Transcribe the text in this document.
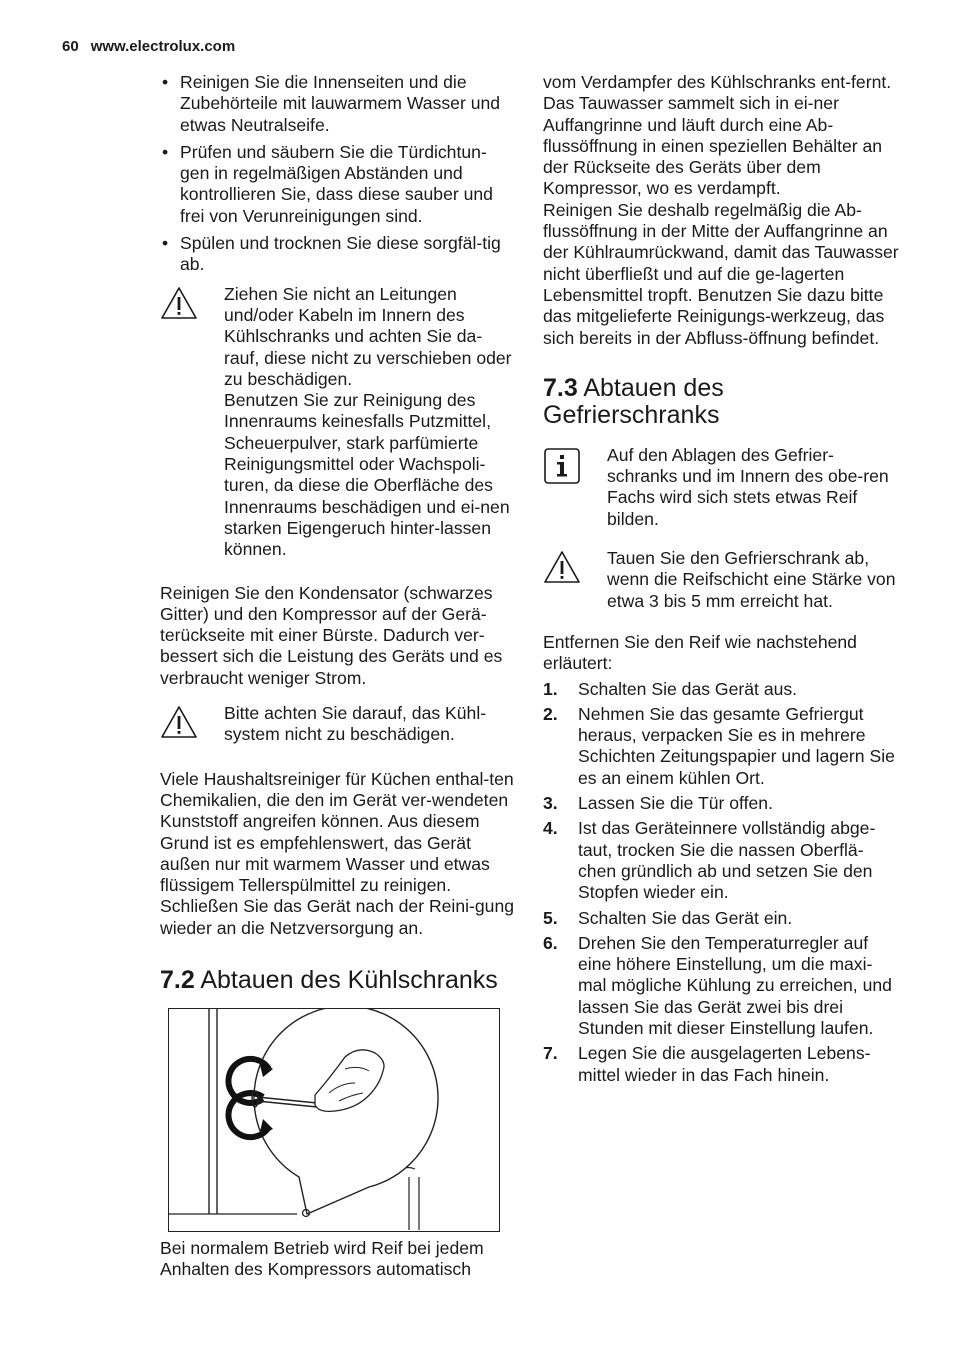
60 www.electrolux.com
• Reinigen Sie die Innenseiten und die Zubehörteile mit lauwarmem Wasser und etwas Neutralseife.
• Prüfen und säubern Sie die Türdichtun-gen in regelmäßigen Abständen und kontrollieren Sie, dass diese sauber und frei von Verunreinigungen sind.
• Spülen und trocknen Sie diese sorgfäl-tig ab.

Ziehen Sie nicht an Leitungen und/oder Kabeln im Innern des Kühlschranks und achten Sie da-rauf, diese nicht zu verschieben oder zu beschädigen.

Benutzen Sie zur Reinigung des Innenraums keinesfalls Putzmittel, Scheuerpulver, stark parfümierte Reinigungsmittel oder Wachspoli-turen, da diese die Oberfläche des Innenraums beschädigen und ei-nen starken Eigengeruch hinter-lassen können.

Reinigen Sie den Kondensator (schwarzes Gitter) und den Kompressor auf der Gerä-terückseite mit einer Bürste. Dadurch ver-bessert sich die Leistung des Geräts und es verbraucht weniger Strom.

Bitte achten Sie darauf, das Kühl-system nicht zu beschädigen.

Viele Haushaltsreiniger für Küchen enthal-ten Chemikalien, die den im Gerät ver-wendeten Kunststoff angreifen können. Aus diesem Grund ist es empfehlenswert, das Gerät außen nur mit warmem Wasser und etwas flüssigem Tellerspülmittel zu reinigen.

Schließen Sie das Gerät nach der Reini-gung wieder an die Netzversorgung an.

7.2 Abtauen des Kühlschranks

Bei normalem Betrieb wird Reif bei jedem Anhalten des Kompressors automatisch

vom Verdampfer des Kühlschranks ent-fernt. Das Tauwasser sammelt sich in ei-ner Auffangrinne und läuft durch eine Ab-flussöffnung in einen speziellen Behälter an der Rückseite des Geräts über dem Kompressor, wo es verdampft.

Reinigen Sie deshalb regelmäßig die Ab-flussöffnung in der Mitte der Auffangrinne an der Kühlraumrückwand, damit das Tauwasser nicht überfließt und auf die ge-lagerten Lebensmittel tropft. Benutzen Sie dazu bitte das mitgelieferte Reinigungs-werkzeug, das sich bereits in der Abfluss-öffnung befindet.

7.3 Abtauen des
Gefrierschranks

Auf den Ablagen des Gefrier-schranks und im Innern des obe-ren Fachs wird sich stets etwas Reif bilden.

Tauen Sie den Gefrierschrank ab, wenn die Reifschicht eine Stärke von etwa 3 bis 5 mm erreicht hat.

Entfernen Sie den Reif wie nachstehend erläutert:

1.	Schalten Sie das Gerät aus.
2.	Nehmen Sie das gesamte Gefriergut heraus, verpacken Sie es in mehrere Schichten Zeitungspapier und lagern Sie es an einem kühlen Ort.
3.	Lassen Sie die Tür offen.
4.	Ist das Geräteinnere vollständig abge-taut, trocken Sie die nassen Oberflä-chen gründlich ab und setzen Sie den Stopfen wieder ein.
5.	Schalten Sie das Gerät ein.
6.	Drehen Sie den Temperaturregler auf eine höhere Einstellung, um die maxi-mal mögliche Kühlung zu erreichen, und lassen Sie das Gerät zwei bis drei Stunden mit dieser Einstellung laufen.
7.	Legen Sie die ausgelagerten Lebens-mittel wieder in das Fach hinein.
